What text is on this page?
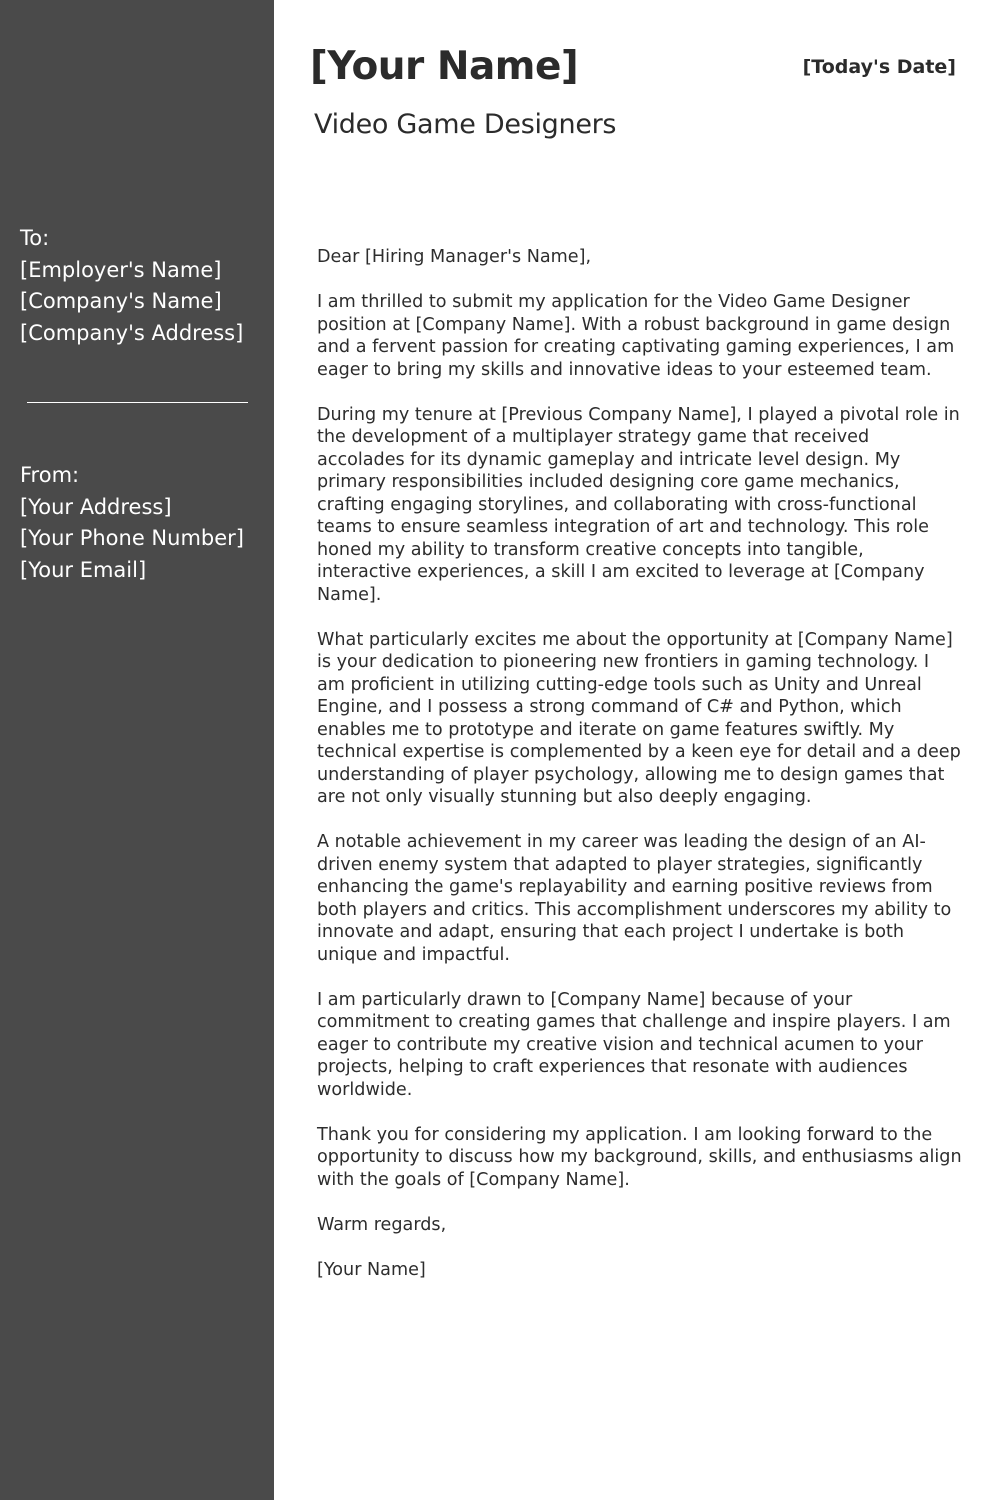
To:
[Employer's Name]
[Company's Name]
[Company's Address]
From:
[Your Address]
[Your Phone Number]
[Your Email]
[Your Name]	[Today's Date]
Video Game Designers

Dear [Hiring Manager's Name],

I am thrilled to submit my application for the Video Game Designer position at [Company Name]. With a robust background in game design and a fervent passion for creating captivating gaming experiences, I am eager to bring my skills and innovative ideas to your esteemed team.

During my tenure at [Previous Company Name], I played a pivotal role in the development of a multiplayer strategy game that received accolades for its dynamic gameplay and intricate level design. My primary responsibilities included designing core game mechanics, crafting engaging storylines, and collaborating with cross-functional teams to ensure seamless integration of art and technology. This role honed my ability to transform creative concepts into tangible, interactive experiences, a skill I am excited to leverage at [Company Name].

What particularly excites me about the opportunity at [Company Name] is your dedication to pioneering new frontiers in gaming technology. I am proficient in utilizing cutting-edge tools such as Unity and Unreal Engine, and I possess a strong command of C# and Python, which enables me to prototype and iterate on game features swiftly. My technical expertise is complemented by a keen eye for detail and a deep understanding of player psychology, allowing me to design games that are not only visually stunning but also deeply engaging.

A notable achievement in my career was leading the design of an AI-driven enemy system that adapted to player strategies, significantly enhancing the game's replayability and earning positive reviews from both players and critics. This accomplishment underscores my ability to innovate and adapt, ensuring that each project I undertake is both unique and impactful.

I am particularly drawn to [Company Name] because of your commitment to creating games that challenge and inspire players. I am eager to contribute my creative vision and technical acumen to your projects, helping to craft experiences that resonate with audiences worldwide.

Thank you for considering my application. I am looking forward to the opportunity to discuss how my background, skills, and enthusiasms align with the goals of [Company Name].

Warm regards,

[Your Name]
